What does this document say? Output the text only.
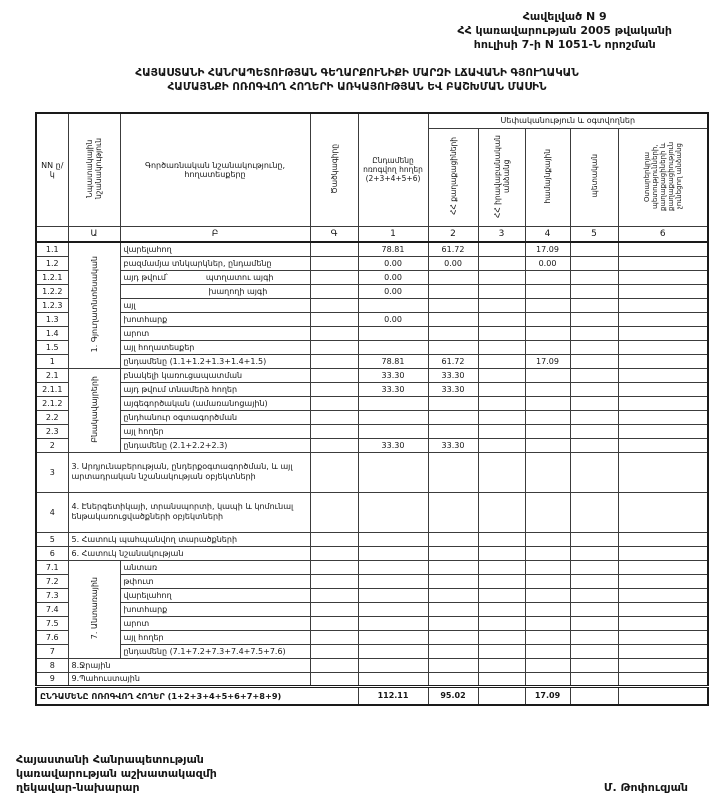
Հավելված N 9
ՀՀ կառավարության 2005 թվականի
հուլիսի 7-ի N 1051-Ն որոշման
ՀԱՅԱՍՏԱՆԻ ՀԱՆՐԱՊԵՏՈՒԹՅԱՆ ԳԵՂԱՐՔՈՒՆԻՔԻ ՄԱՐԶԻ ԼՃԱՎԱՆԻ ԳՅՈՒՂԱԿԱՆ
ՀԱՄԱՅՆՔԻ ՈՌՈԳՎՈՂ ՀՈՂԵՐԻ ԱՌԿԱՅՈՒԹՅԱՆ ԵՎ ԲԱՇԽՄԱՆ ՄԱՍԻՆ
NN ը/կ	Նպատակային նշանակություն	Գործառնական նշանակությունը, հողատեսքերը	Ծածկագիրը	Ընդամենը ոռոգվող հողեր (2+3+4+5+6)	Սեփականություն և օգտվողներ				
					ՀՀ քաղաքացիների	ՀՀ իրավաբանական անձանց	համայնքային	պետական	Օտարերկրյա պետությունների, քաղաքացիների և քաղաքացիություն չունեցող անձանց
	Ա	Բ	Գ	1	2	3	4	5	6
1.1	1. Գյուղատնտեսական	վարելահող		78.81	61.72		17.09		
1.2		բազմամյա տնկարկներ, ընդամենը		0.00	0.00		0.00		
1.2.1		այդ թվում՝ պտղատու այգի		0.00					
1.2.2		խաղողի այգի		0.00					
1.2.3		այլ							
1.3		խոտհարք		0.00					
1.4		արոտ							
1.5		այլ հողատեսքեր							
1		ընդամենը (1.1+1.2+1.3+1.4+1.5)		78.81	61.72		17.09		
2.1	Բնակավայրերի	բնակելի կառուցապատման		33.30	33.30				
2.1.1		այդ թվում տնամերձ հողեր		33.30	33.30				
2.1.2		այգեգործական (ամառանոցային)							
2.2		ընդհանուր օգտագործման							
2.3		այլ հողեր							
2		ընդամենը (2.1+2.2+2.3)		33.30	33.30				
3	3. Արդյունաբերության, ընդերքօգտագործման, և այլ արտադրական նշանակության օբյեկտների								
4	4. Էներգետիկայի, տրանսպորտի, կապի և կոմունալ ենթակառուցվածքների օբյեկտների								
5	5. Հատուկ պահպանվող տարածքների								
6	6. Հատուկ նշանակության								
7.1	7. Անտառային	անտառ							
7.2		թփուտ							
7.3		վարելահող							
7.4		խոտհարք							
7.5		արոտ							
7.6		այլ հողեր							
7		ընդամենը (7.1+7.2+7.3+7.4+7.5+7.6)							
8	8.Ջրային								
9	9.Պահուստային								
ԸՆԴԱՄԵՆԸ ՈՌՈԳՎՈՂ ՀՈՂԵՐ (1+2+3+4+5+6+7+8+9)				112.11	95.02		17.09		
Հայաստանի Հանրապետության
կառավարության աշխատակազմի
ղեկավար-նախարար	Մ. Թոփուզյան
